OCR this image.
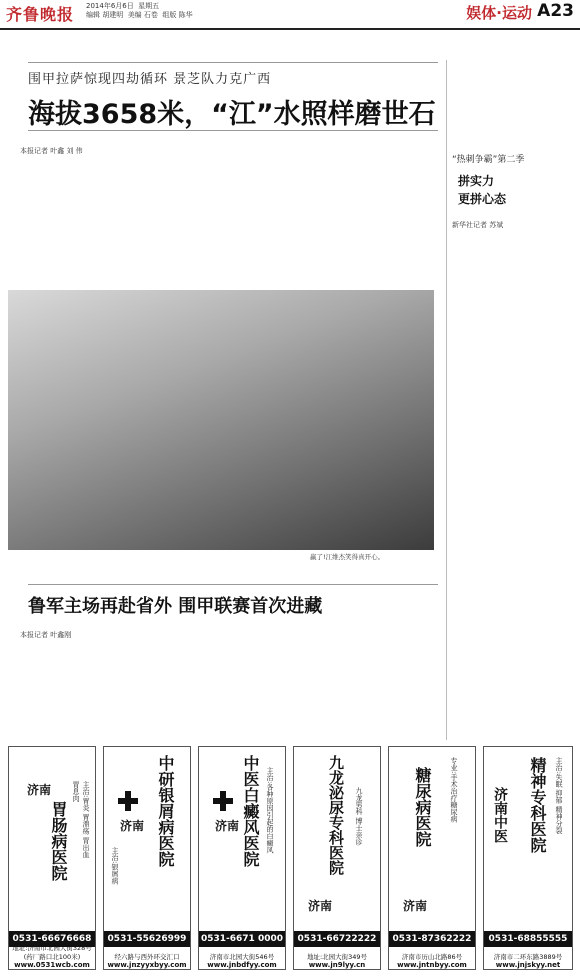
齐鲁晚报 2014年6月6日 星期五
编辑 胡建明 美编 石卷 组版 陈华	娱体·运动 A23
围甲拉萨惊现四劫循环 景芝队力克广西
海拔3658米，“江”水照样磨世石
本报记者 叶鑫 刘 伟
赢了!江维杰笑得真开心。
鲁军主场再赴省外 围甲联赛首次进藏
本报记者 叶鑫刚
“热刺争霸”第二季
拼实力
更拼心态
新华社记者 苏斌
主治:胃炎 胃溃疡 胃出血 胃息肉
济南
胃肠病医院
0531-66676668
地址:济南市北园大街328号(药厂路口北100米)
www.0531wcb.com
济南 中研银屑病医院
主治:银屑病
0531-55626999
经六路与西外环交汇口
www.jnzyyxbyy.com
济南 中医白癜风医院 主治:各种原因引起的白癜风
0531-6671 0000
济南市北园大街546号
www.jnbdfyy.com
九龙泌尿专科医院 九龙男科 博士亲诊
济南
0531-66722222
地址:北园大街349号
www.jn9lyy.cn
专业:手术治疗糖尿病
糖尿病医院
济南
0531-87362222
济南市历山北路86号
www.jntnbyy.com
主治:失眠 抑郁 精神分裂
精神专科医院
济南中医
0531-68855555
济南市二环东路3889号
www.jnjskyy.net
